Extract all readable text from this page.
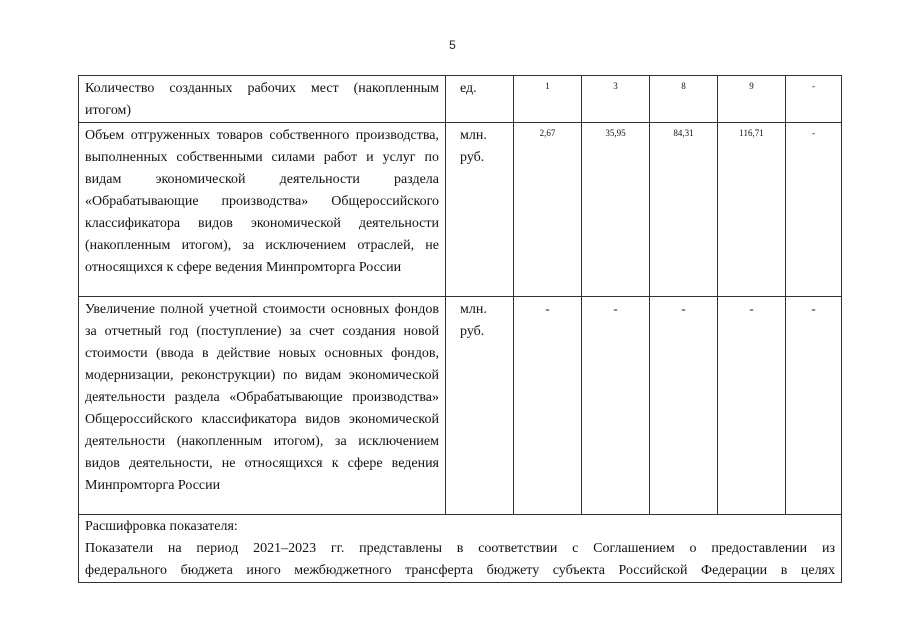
5
Количество созданных рабочих мест (накопленным итогом)	ед.	1	3	8	9	-
Объем отгруженных товаров собственного производства, выполненных собственными силами работ и услуг по видам экономической деятельности раздела «Обрабатывающие производства» Общероссийского классификатора видов экономической деятельности (накопленным итогом), за исключением отраслей, не относящихся к сфере ведения Минпромторга России	млн. руб.	2,67	35,95	84,31	116,71	-
Увеличение полной учетной стоимости основных фондов за отчетный год (поступление) за счет создания новой стоимости (ввода в действие новых основных фондов, модернизации, реконструкции) по видам экономической деятельности раздела «Обрабатывающие производства» Общероссийского классификатора видов экономической деятельности (накопленным итогом), за исключением видов деятельности, не относящихся к сфере ведения Минпромторга России	млн. руб.	-	-	-	-	-

Расшифровка показателя:
Показатели на период 2021–2023 гг. представлены в соответствии с Соглашением о предоставлении из
федерального бюджета иного межбюджетного трансферта бюджету субъекта Российской Федерации в целях						
